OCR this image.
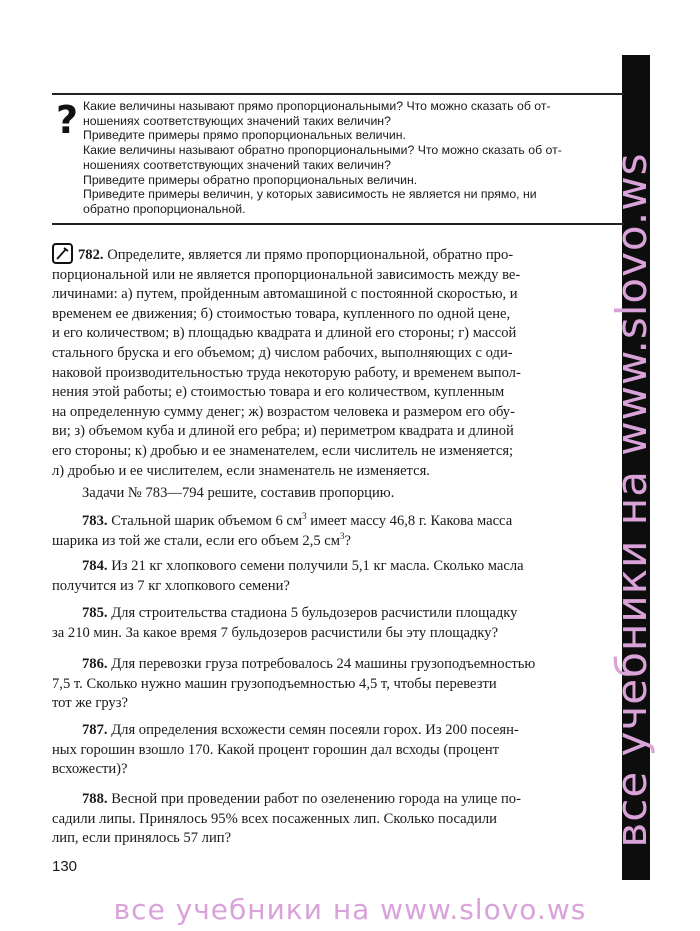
все учебники на www.slovo.ws
? Какие величины называют прямо пропорциональными? Что можно сказать об от-
ношениях соответствующих значений таких величин?
Приведите примеры прямо пропорциональных величин.
Какие величины называют обратно пропорциональными? Что можно сказать об от-
ношениях соответствующих значений таких величин?
Приведите примеры обратно пропорциональных величин.
Приведите примеры величин, у которых зависимость не является ни прямо, ни
обратно пропорциональной.
782. Определите, является ли прямо пропорциональной, обратно про-
порциональной или не является пропорциональной зависимость между ве-
личинами: а) путем, пройденным автомашиной с постоянной скоростью, и
временем ее движения; б) стоимостью товара, купленного по одной цене,
и его количеством; в) площадью квадрата и длиной его стороны; г) массой
стального бруска и его объемом; д) числом рабочих, выполняющих с оди-
наковой производительностью труда некоторую работу, и временем выпол-
нения этой работы; е) стоимостью товара и его количеством, купленным
на определенную сумму денег; ж) возрастом человека и размером его обу-
ви; з) объемом куба и длиной его ребра; и) периметром квадрата и длиной
его стороны; к) дробью и ее знаменателем, если числитель не изменяется;
л) дробью и ее числителем, если знаменатель не изменяется.
Задачи № 783—794 решите, составив пропорцию.
783. Стальной шарик объемом 6 $см^3$ имеет массу 46,8 г. Какова масса
шарика из той же стали, если его объем 2,5 $см^3$?
784. Из 21 кг хлопкового семени получили 5,1 кг масла. Сколько масла
получится из 7 кг хлопкового семени?
785. Для строительства стадиона 5 бульдозеров расчистили площадку
за 210 мин. За какое время 7 бульдозеров расчистили бы эту площадку?
786. Для перевозки груза потребовалось 24 машины грузоподъемностью
7,5 т. Сколько нужно машин грузоподъемностью 4,5 т, чтобы перевезти
тот же груз?
787. Для определения всхожести семян посеяли горох. Из 200 посеян-
ных горошин взошло 170. Какой процент горошин дал всходы (процент
всхожести)?
788. Весной при проведении работ по озеленению города на улице по-
садили липы. Принялось 95% всех посаженных лип. Сколько посадили
лип, если принялось 57 лип?
130
все учебники на www.slovo.ws
